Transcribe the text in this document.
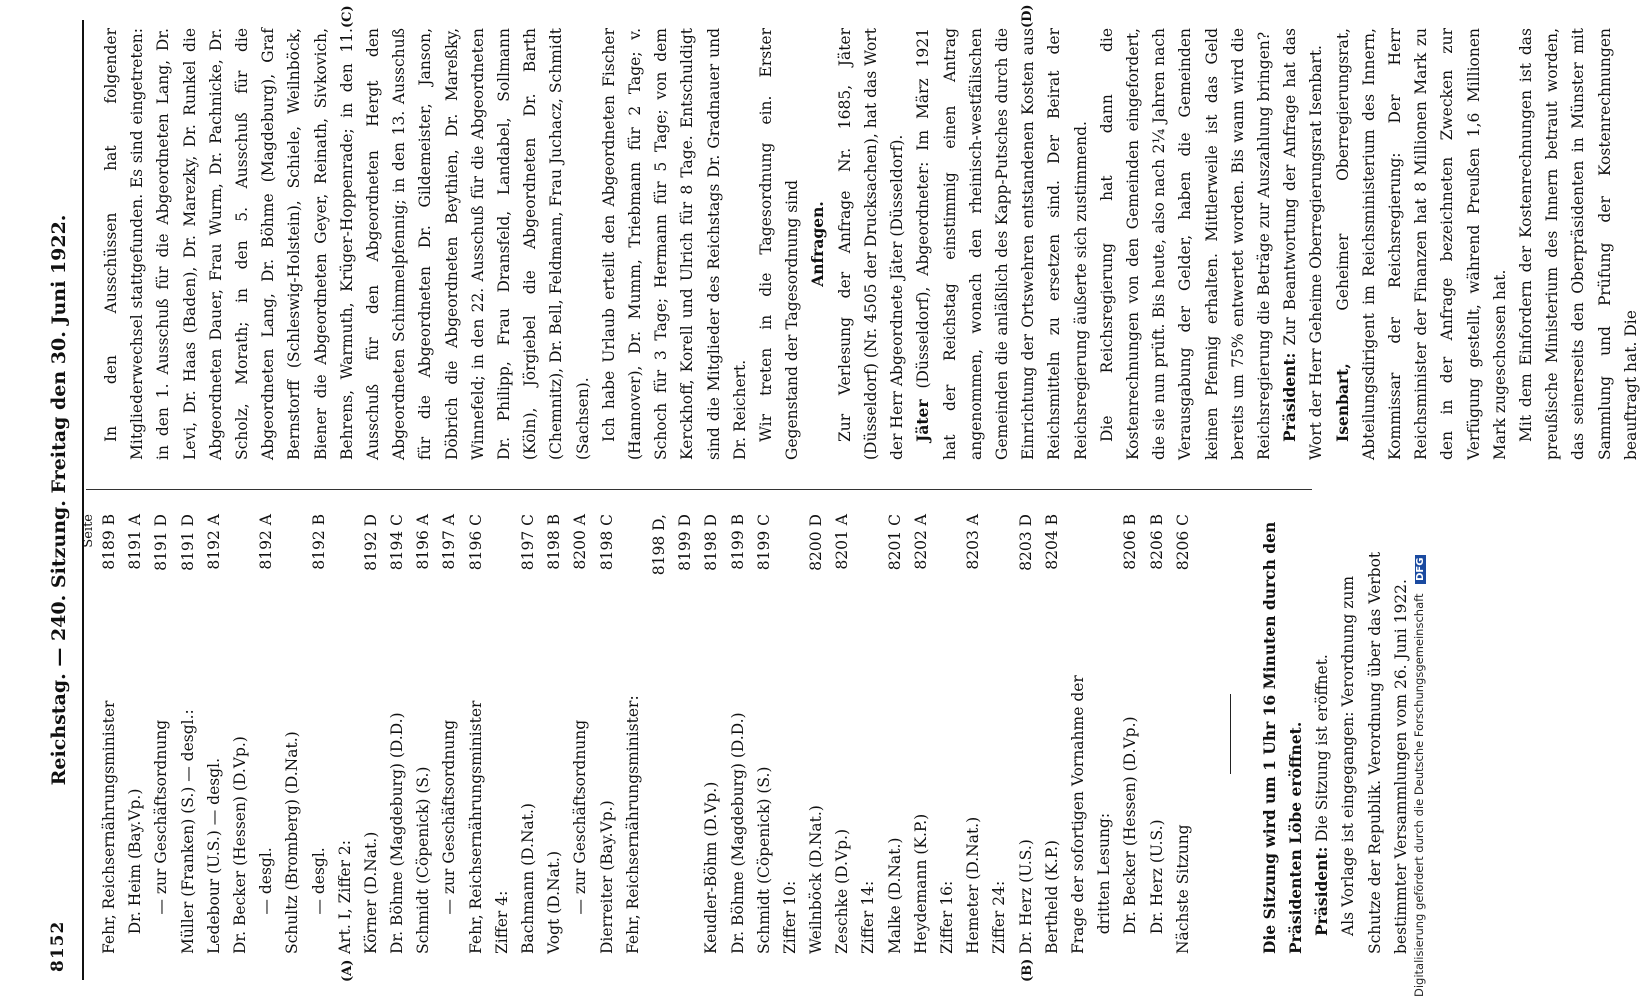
8152
Reichstag. — 240. Sitzung. Freitag den 30. Juni 1922.
(A)	(B)
(C)	(D)
Seite
Fehr, Reichsernährungsminister
8189 B
Dr. Heim (Bay.Vp.)
8191 A
— zur Geschäftsordnung
8191 D
Müller (Franken) (S.) — desgl.:
8191 D
Ledebour (U.S.) — desgl.
8192 A
Dr. Becker (Hessen) (D.Vp.) — desgl.
8192 A
Schultz (Bromberg) (D.Nat.) — desgl.
8192 B
Art. I, Ziffer 2: Körner (D.Nat.)
8192 D
Dr. Böhme (Magdeburg) (D.D.)
8194 C
Schmidt (Cöpenick) (S.)
8196 A
— zur Geschäftsordnung
8197 A
Fehr, Reichsernährungsminister
8196 C
Ziffer 4: Bachmann (D.Nat.)
8197 C
Vogt (D.Nat.)
8198 B
— zur Geschäftsordnung
8200 A
Dierreiter (Bay.Vp.)
8198 C
Fehr, Reichsernährungsminister:
8198 D, 8199 D
Keudler-Böhm (D.Vp.)
8198 D
Dr. Böhme (Magdeburg) (D.D.)
8199 B
Schmidt (Cöpenick) (S.)
8199 C
Ziffer 10: Weilnböck (D.Nat.)
8200 D
Zeschke (D.Vp.)
8201 A
Ziffer 14: Malke (D.Nat.)
8201 C
Heydemann (K.P.)
8202 A
Ziffer 16: Hemeter (D.Nat.)
8203 A
Ziffer 24: Dr. Herz (U.S.)
8203 D
Bertheld (K.P.)
8204 B
Frage der sofortigen Vornahme der dritten Lesung: Dr. Becker (Hessen) (D.Vp.)
8206 B
Dr. Herz (U.S.)
8206 B
Nächste Sitzung
8206 C	Die Sitzung wird um 1 Uhr 16 Minuten durch den Präsidenten Löbe eröffnet. Präsident: Die Sitzung ist eröffnet. Als Vorlage ist eingegangen: Verordnung zum Schutze der Republik. Verordnung über das Verbot bestimmter Versammlungen vom 26. Juni 1922.

In den Ausschüssen hat folgender Mitgliederwechsel stattgefunden. Es sind eingetreten: in den 1. Ausschuß für die Abgeordneten Lang, Dr. Levi, Dr. Haas (Baden), Dr. Marezky, Dr. Runkel die Abgeordneten Dauer, Frau Wurm, Dr. Pachnicke, Dr. Scholz, Morath; in den 5. Ausschuß für die Abgeordneten Lang, Dr. Böhme (Magdeburg), Graf Bernstorff (Schleswig-Holstein), Schiele, Weilnböck, Biener die Abgeordneten Geyer, Reinath, Sivkovich, Behrens, Warmuth, Krüger-Hoppenrade; in den 11. Ausschuß für den Abgeordneten Hergt den Abgeordneten Schimmelpfennig; in den 13. Ausschuß für die Abgeordneten Dr. Gildemeister, Janson, Döbrich die Abgeordneten Beythien, Dr. Mareßky, Winnefeld; in den 22. Ausschuß für die Abgeordneten Dr. Philipp, Frau Dransfeld, Landabel, Sollmann (Köln), Jörgiebel die Abgeordneten Dr. Barth (Chemnitz), Dr. Bell, Feldmann, Frau Juchacz, Schmidt (Sachsen). Ich habe Urlaub erteilt den Abgeordneten Fischer (Hannover), Dr. Mumm, Triebmann für 2 Tage; v. Schoch für 3 Tage; Hermann für 5 Tage; von dem Kerckhoff, Korell und Ulrich für 8 Tage. Entschuldigt sind die Mitglieder des Reichstags Dr. Gradnauer und Dr. Reichert. Wir treten in die Tagesordnung ein. Erster Gegenstand der Tagesordnung sind Anfragen. Zur Verlesung der Anfrage Nr. 1685, Jäter (Düsseldorf) (Nr. 4505 der Drucksachen), hat das Wort der Herr Abgeordnete Jäter (Düsseldorf). Jäter (Düsseldorf), Abgeordneter: Im März 1921 hat der Reichstag einstimmig einen Antrag angenommen, wonach den rheinisch-westfälischen Gemeinden die anläßlich des Kapp-Putsches durch die Einrichtung der Ortswehren entstandenen Kosten aus Reichsmitteln zu ersetzen sind. Der Beirat der Reichsregierung äußerte sich zustimmend. Die Reichsregierung hat dann die Kostenrechnungen von den Gemeinden eingefordert, die sie nun prüft. Bis heute, also nach 2¼ Jahren nach Verausgabung der Gelder, haben die Gemeinden keinen Pfennig erhalten. Mittlerweile ist das Geld bereits um 75% entwertet worden. Bis wann wird die Reichsregierung die Beträge zur Auszahlung bringen? Präsident: Zur Beantwortung der Anfrage hat das Wort der Herr Geheime Oberregierungsrat Isenbart. Isenbart, Geheimer Oberregierungsrat, Abteilungsdirigent im Reichsministerium des Innern, Kommissar der Reichsregierung: Der Herr Reichsminister der Finanzen hat 8 Millionen Mark zu den in der Anfrage bezeichneten Zwecken zur Verfügung gestellt, während Preußen 1,6 Millionen Mark zugeschossen hat. Mit dem Einfordern der Kostenrechnungen ist das preußische Ministerium des Innern betraut worden, das seinerseits den Oberpräsidenten in Münster mit Sammlung und Prüfung der Kostenrechnungen beauftragt hat. Die

Digitalisierung gefördert durch die Deutsche Forschungsgemeinschaft DFG
